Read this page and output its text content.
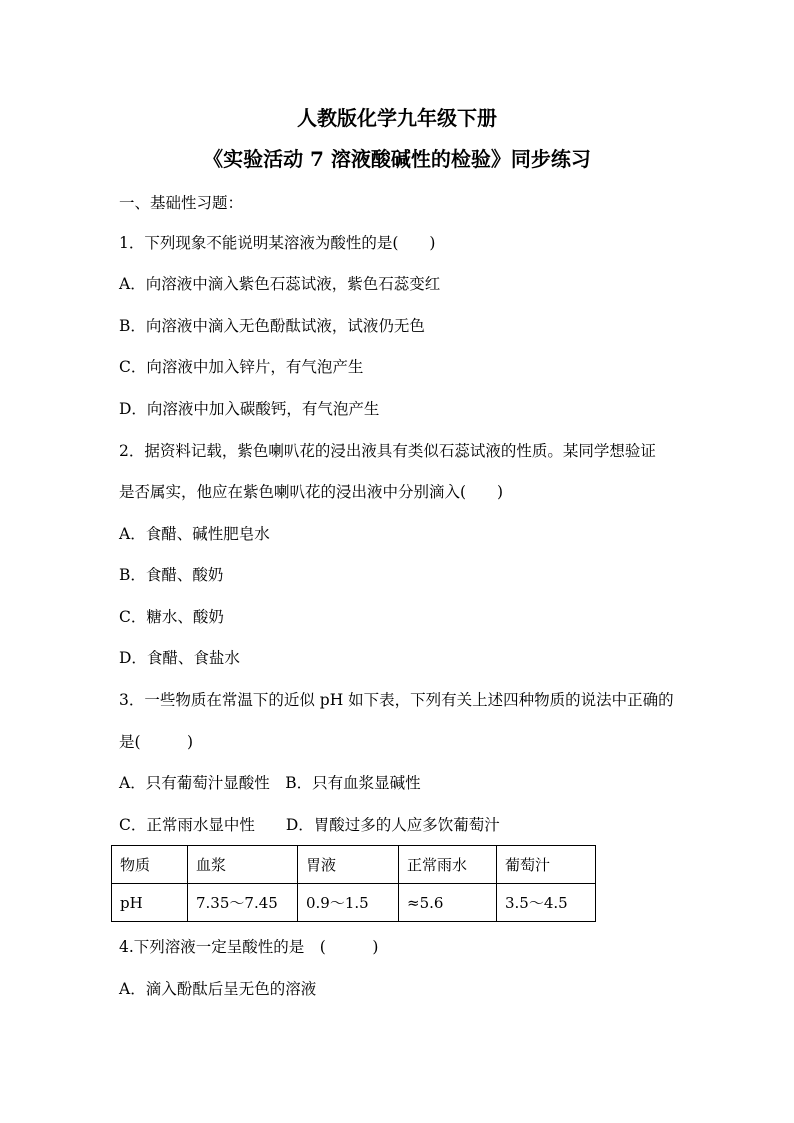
人教版化学九年级下册
《实验活动 7 溶液酸碱性的检验》同步练习
一、基础性习题：
1．下列现象不能说明某溶液为酸性的是(　　)
A．向溶液中滴入紫色石蕊试液，紫色石蕊变红
B．向溶液中滴入无色酚酞试液，试液仍无色
C．向溶液中加入锌片，有气泡产生
D．向溶液中加入碳酸钙，有气泡产生
2．据资料记载，紫色喇叭花的浸出液具有类似石蕊试液的性质。某同学想验证
是否属实，他应在紫色喇叭花的浸出液中分别滴入(　　)
A．食醋、碱性肥皂水
B．食醋、酸奶
C．糖水、酸奶
D．食醋、食盐水
3．一些物质在常温下的近似 pH 如下表，下列有关上述四种物质的说法中正确的
是(　　　)
A．只有葡萄汁显酸性　B．只有血浆显碱性
C．正常雨水显中性　　D．胃酸过多的人应多饮葡萄汁
物质	血浆	胃液	正常雨水	葡萄汁
pH	7.35～7.45	0.9～1.5	≈5.6	3.5～4.5
4.下列溶液一定呈酸性的是　(　　　)
A．滴入酚酞后呈无色的溶液
